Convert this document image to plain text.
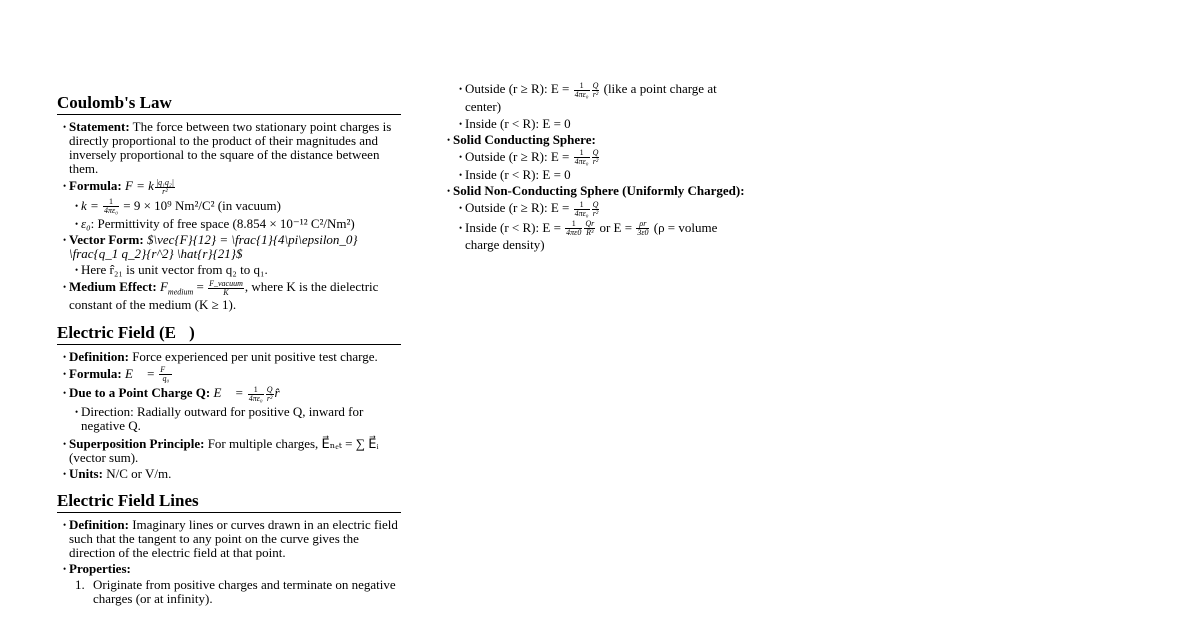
Coulomb's Law
• Statement: The force between two stationary point charges is directly proportional to the product of their magnitudes and inversely proportional to the square of the distance between them.
• Formula: F = k $\frac{\text{|q₁q₂|}}{\text{r²}}$
• $k = \frac{1}{\text{4πε₀}} = 9 \times 10^9$ Nm²/C² (in vacuum)
• ε₀: Permittivity of free space (8.854 × 10⁻¹² C²/Nm²)
• Vector Form: $\vec{F}{12} = \frac{1}{4\pi\epsilon_0} \frac{q_1 q_2}{r^2} \hat{r}{21}$
• Here r̂₂₁ is unit vector from q₂ to q₁.
• Medium Effect: $F_{medium}$ = F_vacuum
K	, where K is the dielectric constant of the medium (K ≥ 1).
Electric Field (E⃗)
• Definition: Force experienced per unit positive test charge.
• Formula: E⃗ = $\frac{F⃗}{\text{q₀}}$
• Due to a Point Charge Q: E⃗ = $\frac{1}{\text{4πε₀}} \frac{Q}{\text{r²}}$ r̂
• Direction: Radially outward for positive Q, inward for negative Q.
• Superposition Principle: For multiple charges, E⃗ₙₑₜ = ∑ E⃗ᵢ (vector sum).
• Units: N/C or V/m.
Electric Field Lines
• Definition: Imaginary lines or curves drawn in an electric field such that the tangent to any point on the curve gives the direction of the electric field at that point.
• Properties:
1. Originate from positive charges and terminate on negative charges (or at infinity).
• Outside (r ≥ R): $E = \frac{1}{\text{4πε₀}} \frac{Q}{\text{r²}}$ (like a point charge at center)
• Inside (r < R): E = 0
• Solid Conducting Sphere:
• Outside (r ≥ R): $E = \frac{1}{\text{4πε₀}} \frac{Q}{\text{r²}}$
• Inside (r < R): E = 0
• Solid Non-Conducting Sphere (Uniformly Charged):
• Outside (r ≥ R): $E = \frac{1}{\text{4πε₀}} \frac{Q}{\text{r²}}$
• Inside (r < R): $E = \frac{1}{4\pi\varepsilon 0} \frac{Qr}{\text{R³}}$ or $E = \frac{\rho r}{3\varepsilon 0} (\rho$ = volume charge density)
